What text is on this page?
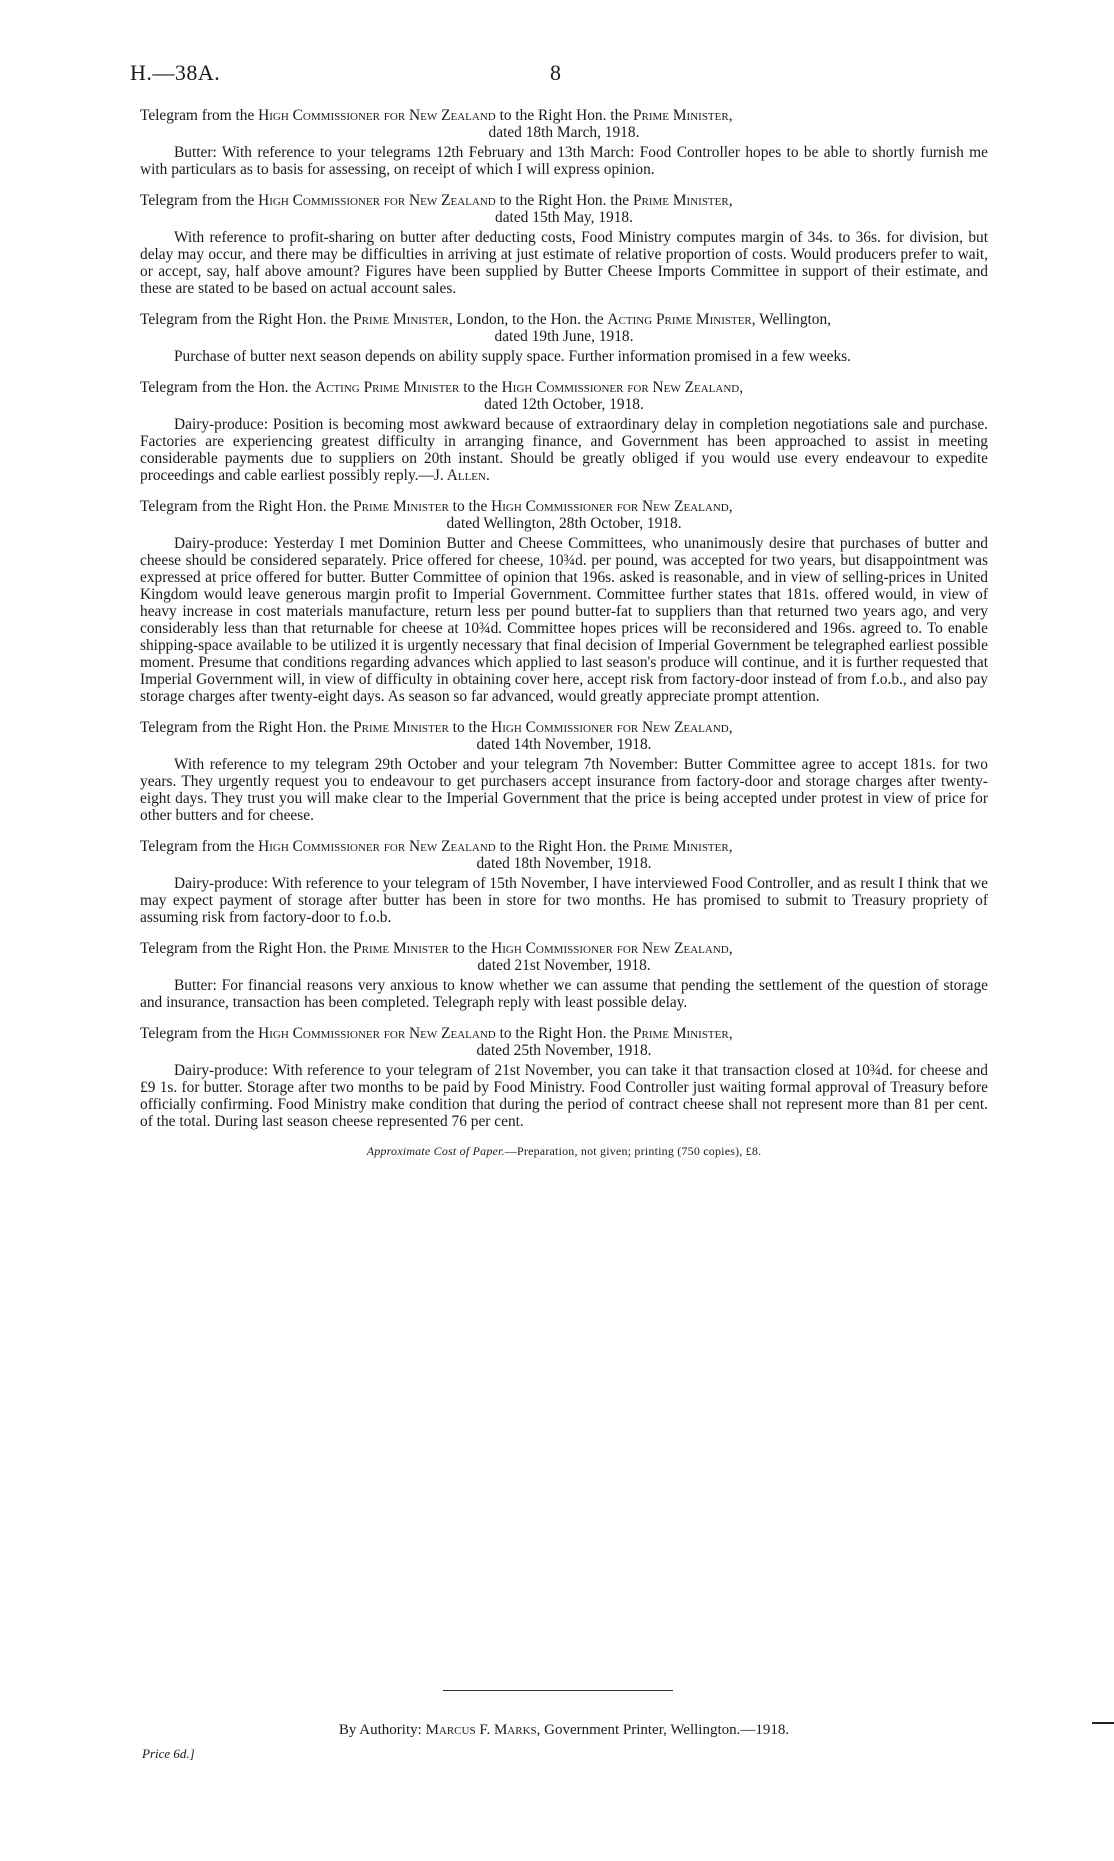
H.—38A.	8

Telegram from the High Commissioner for New Zealand to the Right Hon. the Prime Minister,
dated 18th March, 1918.

Butter: With reference to your telegrams 12th February and 13th March: Food Controller hopes to be able to shortly furnish me with particulars as to basis for assessing, on receipt of which I will express opinion.

Telegram from the High Commissioner for New Zealand to the Right Hon. the Prime Minister,
dated 15th May, 1918.

With reference to profit-sharing on butter after deducting costs, Food Ministry computes margin of 34s. to 36s. for division, but delay may occur, and there may be difficulties in arriving at just estimate of relative proportion of costs. Would producers prefer to wait, or accept, say, half above amount? Figures have been supplied by Butter Cheese Imports Committee in support of their estimate, and these are stated to be based on actual account sales.

Telegram from the Right Hon. the Prime Minister, London, to the Hon. the Acting Prime Minister, Wellington,
dated 19th June, 1918.

Purchase of butter next season depends on ability supply space. Further information promised in a few weeks.

Telegram from the Hon. the Acting Prime Minister to the High Commissioner for New Zealand,
dated 12th October, 1918.

Dairy-produce: Position is becoming most awkward because of extraordinary delay in completion negotiations sale and purchase. Factories are experiencing greatest difficulty in arranging finance, and Government has been approached to assist in meeting considerable payments due to suppliers on 20th instant. Should be greatly obliged if you would use every endeavour to expedite proceedings and cable earliest possibly reply.—J. Allen.

Telegram from the Right Hon. the Prime Minister to the High Commissioner for New Zealand,
dated Wellington, 28th October, 1918.

Dairy-produce: Yesterday I met Dominion Butter and Cheese Committees, who unanimously desire that purchases of butter and cheese should be considered separately. Price offered for cheese, 10¾d. per pound, was accepted for two years, but disappointment was expressed at price offered for butter. Butter Committee of opinion that 196s. asked is reasonable, and in view of selling-prices in United Kingdom would leave generous margin profit to Imperial Government. Committee further states that 181s. offered would, in view of heavy increase in cost materials manufacture, return less per pound butter-fat to suppliers than that returned two years ago, and very considerably less than that returnable for cheese at 10¾d. Committee hopes prices will be reconsidered and 196s. agreed to. To enable shipping-space available to be utilized it is urgently necessary that final decision of Imperial Government be telegraphed earliest possible moment. Presume that conditions regarding advances which applied to last season's produce will continue, and it is further requested that Imperial Government will, in view of difficulty in obtaining cover here, accept risk from factory-door instead of from f.o.b., and also pay storage charges after twenty-eight days. As season so far advanced, would greatly appreciate prompt attention.

Telegram from the Right Hon. the Prime Minister to the High Commissioner for New Zealand,
dated 14th November, 1918.

With reference to my telegram 29th October and your telegram 7th November: Butter Committee agree to accept 181s. for two years. They urgently request you to endeavour to get purchasers accept insurance from factory-door and storage charges after twenty-eight days. They trust you will make clear to the Imperial Government that the price is being accepted under protest in view of price for other butters and for cheese.

Telegram from the High Commissioner for New Zealand to the Right Hon. the Prime Minister,
dated 18th November, 1918.

Dairy-produce: With reference to your telegram of 15th November, I have interviewed Food Controller, and as result I think that we may expect payment of storage after butter has been in store for two months. He has promised to submit to Treasury propriety of assuming risk from factory-door to f.o.b.

Telegram from the Right Hon. the Prime Minister to the High Commissioner for New Zealand,
dated 21st November, 1918.

Butter: For financial reasons very anxious to know whether we can assume that pending the settlement of the question of storage and insurance, transaction has been completed. Telegraph reply with least possible delay.

Telegram from the High Commissioner for New Zealand to the Right Hon. the Prime Minister,
dated 25th November, 1918.

Dairy-produce: With reference to your telegram of 21st November, you can take it that transaction closed at 10¾d. for cheese and £9 1s. for butter. Storage after two months to be paid by Food Ministry. Food Controller just waiting formal approval of Treasury before officially confirming. Food Ministry make condition that during the period of contract cheese shall not represent more than 81 per cent. of the total. During last season cheese represented 76 per cent.

Approximate Cost of Paper.—Preparation, not given; printing (750 copies), £8.

By Authority: Marcus F. Marks, Government Printer, Wellington.—1918.
Price 6d.]
